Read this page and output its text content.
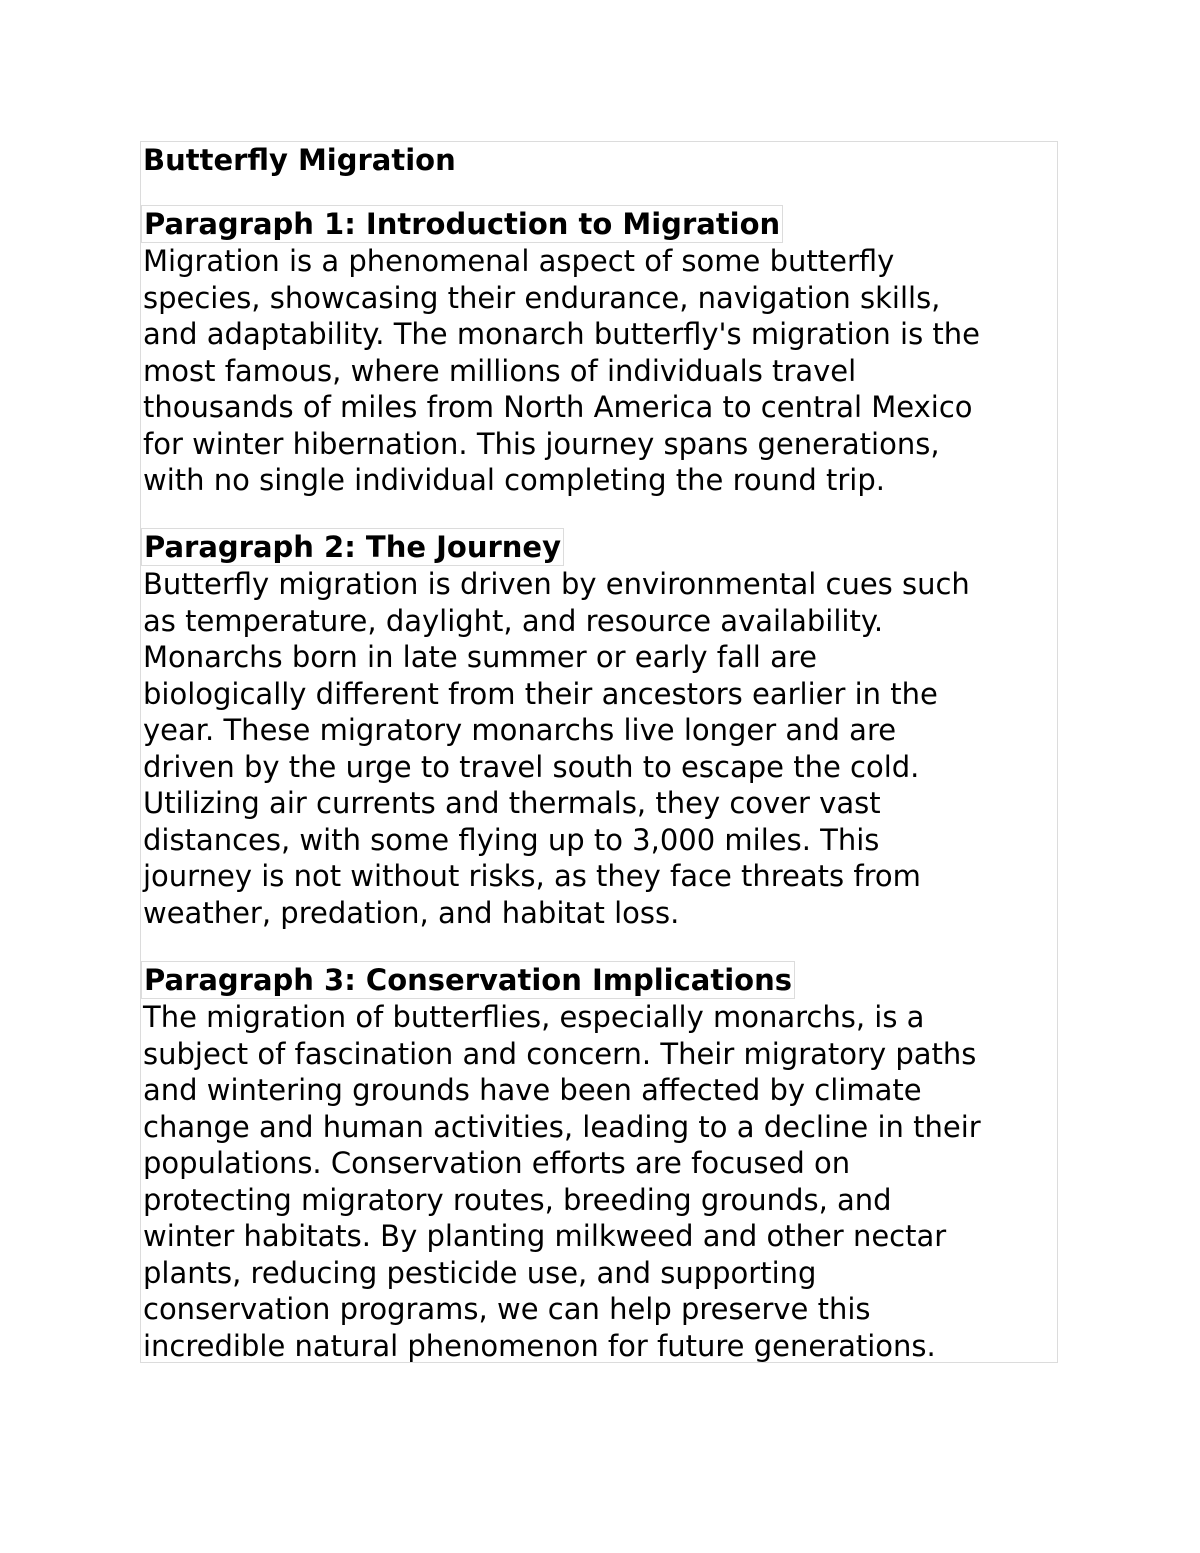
Butterfly Migration
Paragraph 1: Introduction to Migration

Migration is a phenomenal aspect of some butterfly
species, showcasing their endurance, navigation skills,
and adaptability. The monarch butterfly's migration is the
most famous, where millions of individuals travel
thousands of miles from North America to central Mexico
for winter hibernation. This journey spans generations,
with no single individual completing the round trip.

Paragraph 2: The Journey

Butterfly migration is driven by environmental cues such
as temperature, daylight, and resource availability.
Monarchs born in late summer or early fall are
biologically different from their ancestors earlier in the
year. These migratory monarchs live longer and are
driven by the urge to travel south to escape the cold.
Utilizing air currents and thermals, they cover vast
distances, with some flying up to 3,000 miles. This
journey is not without risks, as they face threats from
weather, predation, and habitat loss.

Paragraph 3: Conservation Implications

The migration of butterflies, especially monarchs, is a
subject of fascination and concern. Their migratory paths
and wintering grounds have been affected by climate
change and human activities, leading to a decline in their
populations. Conservation efforts are focused on
protecting migratory routes, breeding grounds, and
winter habitats. By planting milkweed and other nectar
plants, reducing pesticide use, and supporting
conservation programs, we can help preserve this
incredible natural phenomenon for future generations.
